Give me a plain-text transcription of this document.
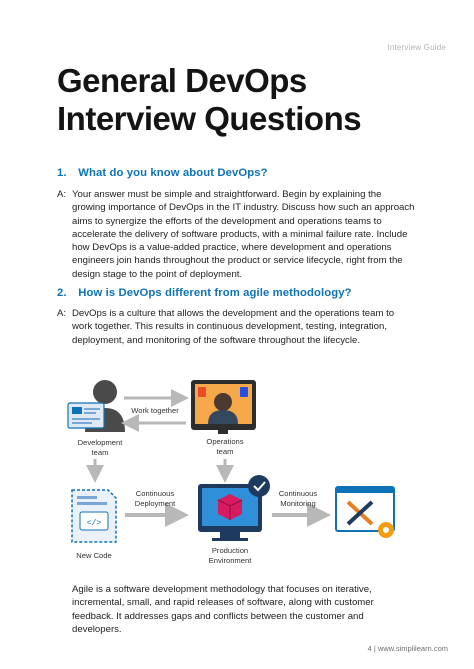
Interview Guide
General DevOps
Interview Questions
1. What do you know about DevOps?
A: Your answer must be simple and straightforward. Begin by explaining the growing importance of DevOps in the IT industry. Discuss how such an approach aims to synergize the efforts of the development and operations teams to accelerate the delivery of software products, with a minimal failure rate. Include how DevOps is a value-added practice, where development and operations engineers join hands throughout the product or service lifecycle, right from the design stage to the point of deployment.
2. How is DevOps different from agile methodology?
A: DevOps is a culture that allows the development and the operations team to work together. This results in continuous development, testing, integration, deployment, and monitoring of the software throughout the lifecycle.
Development
team
Work together
Operations
team
</>
New Code
Continuous
Deployment
Production
Environment
Continuous
Monitoring
Agile is a software development methodology that focuses on iterative, incremental, small, and rapid releases of software, along with customer feedback. It addresses gaps and conflicts between the customer and developers.
4 | www.simplilearn.com
